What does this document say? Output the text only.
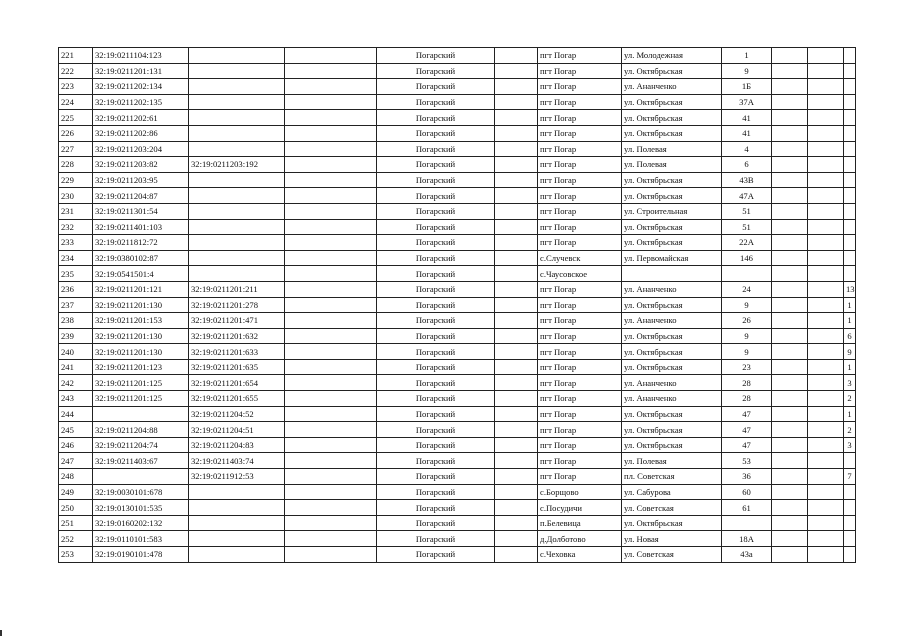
221	32:19:0211104:123			Погарский		пгт Погар	ул. Молодежная	1			
222	32:19:0211201:131			Погарский		пгт Погар	ул. Октябрьская	9			
223	32:19:0211202:134			Погарский		пгт Погар	ул. Ананченко	1Б			
224	32:19:0211202:135			Погарский		пгт Погар	ул. Октябрьская	37А			
225	32:19:0211202:61			Погарский		пгт Погар	ул. Октябрьская	41			
226	32:19:0211202:86			Погарский		пгт Погар	ул. Октябрьская	41			
227	32:19:0211203:204			Погарский		пгт Погар	ул. Полевая	4			
228	32:19:0211203:82	32:19:0211203:192		Погарский		пгт Погар	ул. Полевая	6			
229	32:19:0211203:95			Погарский		пгт Погар	ул. Октябрьская	43В			
230	32:19:0211204:87			Погарский		пгт Погар	ул. Октябрьская	47А			
231	32:19:0211301:54			Погарский		пгт Погар	ул. Строительная	51			
232	32:19:0211401:103			Погарский		пгт Погар	ул. Октябрьская	51			
233	32:19:0211812:72			Погарский		пгт Погар	ул. Октябрьская	22А			
234	32:19:0380102:87			Погарский		с.Случевск	ул. Первомайская	146			
235	32:19:0541501:4			Погарский		с.Чаусовское					
236	32:19:0211201:121	32:19:0211201:211		Погарский		пгт Погар	ул. Ананченко	24			13
237	32:19:0211201:130	32:19:0211201:278		Погарский		пгт Погар	ул. Октябрьская	9			1
238	32:19:0211201:153	32:19:0211201:471		Погарский		пгт Погар	ул. Ананченко	26			1
239	32:19:0211201:130	32:19:0211201:632		Погарский		пгт Погар	ул. Октябрьская	9			6
240	32:19:0211201:130	32:19:0211201:633		Погарский		пгт Погар	ул. Октябрьская	9			9
241	32:19:0211201:123	32:19:0211201:635		Погарский		пгт Погар	ул. Октябрьская	23			1
242	32:19:0211201:125	32:19:0211201:654		Погарский		пгт Погар	ул. Ананченко	28			3
243	32:19:0211201:125	32:19:0211201:655		Погарский		пгт Погар	ул. Ананченко	28			2
244		32:19:0211204:52		Погарский		пгт Погар	ул. Октябрьская	47			1
245	32:19:0211204:88	32:19:0211204:51		Погарский		пгт Погар	ул. Октябрьская	47			2
246	32:19:0211204:74	32:19:0211204:83		Погарский		пгт Погар	ул. Октябрьская	47			3
247	32:19:0211403:67	32:19:0211403:74		Погарский		пгт Погар	ул. Полевая	53			
248		32:19:0211912:53		Погарский		пгт Погар	пл. Советская	36			7
249	32:19:0030101:678			Погарский		с.Борщово	ул. Сабурова	60			
250	32:19:0130101:535			Погарский		с.Посудичи	ул. Советская	61			
251	32:19:0160202:132			Погарский		п.Белевица	ул. Октябрьская				
252	32:19:0110101:583			Погарский		д.Долботово	ул. Новая	18А			
253	32:19:0190101:478			Погарский		с.Чеховка	ул. Советская	43а			
